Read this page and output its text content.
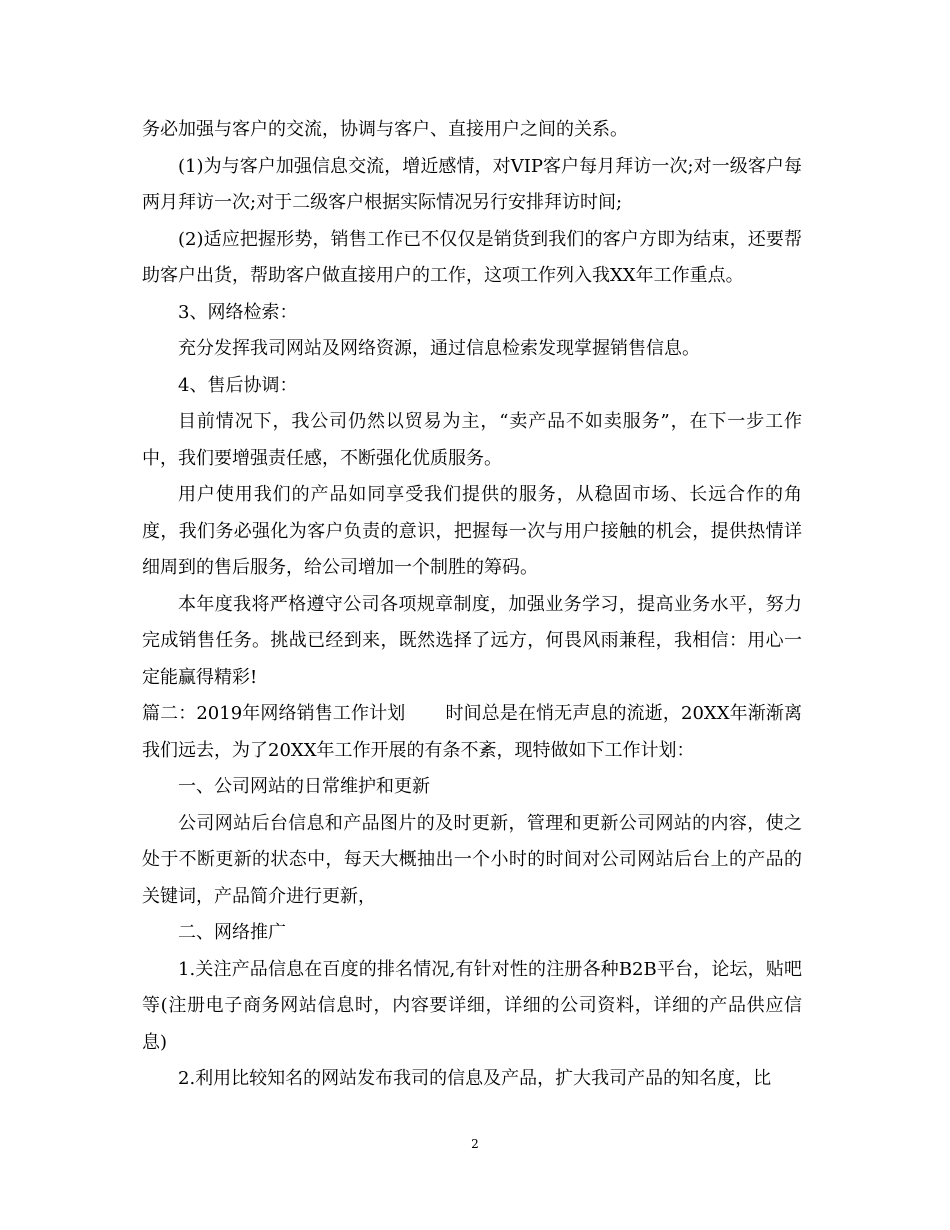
务必加强与客户的交流，协调与客户、直接用户之间的关系。

(1)为与客户加强信息交流，增近感情，对VIP客户每月拜访一次;对一级客户每两月拜访一次;对于二级客户根据实际情况另行安排拜访时间;

(2)适应把握形势，销售工作已不仅仅是销货到我们的客户方即为结束，还要帮助客户出货，帮助客户做直接用户的工作，这项工作列入我XX年工作重点。

3、网络检索：

充分发挥我司网站及网络资源，通过信息检索发现掌握销售信息。

4、售后协调：

目前情况下，我公司仍然以贸易为主，“卖产品不如卖服务”，在下一步工作中，我们要增强责任感，不断强化优质服务。

用户使用我们的产品如同享受我们提供的服务，从稳固市场、长远合作的角度，我们务必强化为客户负责的意识，把握每一次与用户接触的机会，提供热情详细周到的售后服务，给公司增加一个制胜的筹码。

本年度我将严格遵守公司各项规章制度，加强业务学习，提高业务水平，努力完成销售任务。挑战已经到来，既然选择了远方，何畏风雨兼程，我相信：用心一定能赢得精彩!

篇二：2019年网络销售工作计划 时间总是在悄无声息的流逝，20XX年渐渐离我们远去，为了20XX年工作开展的有条不紊，现特做如下工作计划：

一、公司网站的日常维护和更新

公司网站后台信息和产品图片的及时更新，管理和更新公司网站的内容，使之处于不断更新的状态中，每天大概抽出一个小时的时间对公司网站后台上的产品的关键词，产品简介进行更新，

二、网络推广

1.关注产品信息在百度的排名情况,有针对性的注册各种B2B平台，论坛，贴吧等(注册电子商务网站信息时，内容要详细，详细的公司资料，详细的产品供应信息)

2.利用比较知名的网站发布我司的信息及产品，扩大我司产品的知名度，比

2
